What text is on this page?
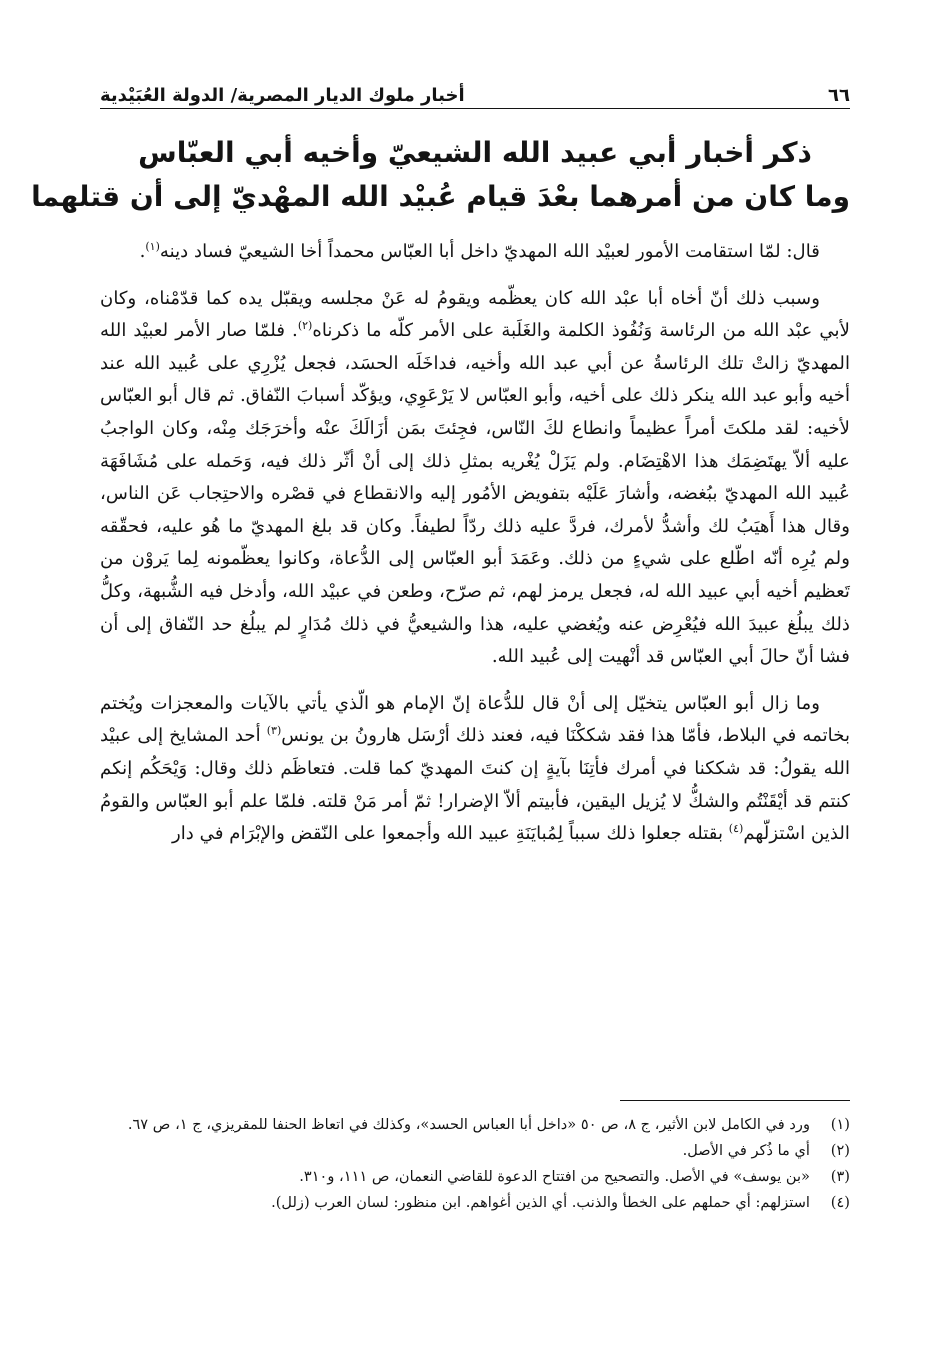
٦٦
أخبار ملوك الديار المصرية/ الدولة العُبَيْدية
ذكر أخبار أبي عبيد الله الشيعيّ وأخيه أبي العبّاس
وما كان من أمرهما بعْدَ قيام عُبيْد الله المهْديّ إلى أن قتلهما

قال: لمّا استقامت الأمور لعبيْد الله المهديّ داخل أبا العبّاس محمداً أخا الشيعيّ فساد دينه$^{(١)}$.

وسبب ذلك أنّ أخاه أبا عبْد الله كان يعظّمه ويقومُ له عَنْ مجلسه ويقبّل يده كما قدّمْناه، وكان لأبي عبْد الله من الرئاسة وَنُفُوذ الكلمة والغَلَبة على الأمر كلّه ما ذكرناه$^{(٢)}$. فلمّا صار الأمر لعبيْد الله المهديّ زالتْ تلك الرئاسةُ عن أبي عبد الله وأخيه، فداخَلَه الحسَد، فجعل يُزْرِي على عُبيد الله عند أخيه وأبو عبد الله ينكر ذلك على أخيه، وأبو العبّاس لا يَرْعَوِي، ويؤكّد أسبابَ النّفاق. ثم قال أبو العبّاس لأخيه: لقد ملكتَ أمراً عظيماً وانطاع لكَ النّاس، فجِئتَ بمَن أزَالَكَ عنْه وأخرَجَك مِنْه، وكان الواجبُ عليه ألاّ يهتَضِمَك هذا الاهْتِضَام. ولم يَزَلْ يُغْريه بمثلِ ذلك إلى أنْ أثّر ذلك فيه، وَحَمله على مُشَافَهَة عُبيد الله المهديّ ببُغضه، وأشارَ عَلَيْه بتفويض الأمُور إليه والانقطاع في قصْره والاحتِجاب عَن الناس، وقال هذا أَهيَبُ لك وأشدُّ لأمرك، فردَّ عليه ذلك ردّاً لطيفاً. وكان قد بلغ المهديّ ما هُو عليه، فحقّقه ولم يُرِه أنّه اطّلع على شيءٍ من ذلك. وعَمَدَ أبو العبّاس إلى الدُّعاة، وكانوا يعظّمونه لِما يَروْن من تَعظيم أخيه أبي عبيد الله له، فجعل يرمز لهم، ثم صرّح، وطعن في عبيْد الله، وأدخل فيه الشُّبهة، وكلُّ ذلك يبلُغ عبيدَ الله فيُعْرِض عنه ويُغضي عليه، هذا والشيعيُّ في ذلك مُدَارٍ لم يبلُغ حد النّفاق إلى أن فشا أنّ حالَ أبي العبّاس قد أنْهيت إلى عُبيد الله.

وما زال أبو العبّاس يتخيّل إلى أنْ قال للدُّعاة إنّ الإمام هو الّذي يأتي بالآيات والمعجزات ويُختم بخاتمه في البلاط، فأمّا هذا فقد شككْنَا فيه، فعند ذلك أرْسَل هارونُ بن يونس$^{(٣)}$ أحد المشايخ إلى عبيْد الله يقولُ: قد شككنا في أمرك فأتِنَا بآيةٍ إن كنتَ المهديّ كما قلت. فتعاظَم ذلك وقال: وَيْحَكُم إنكم كنتم قد أيْقَنْتُم والشكُّ لا يُزيل اليقين، فأبيتم ألاّ الإضرار! ثمّ أمر مَنْ قلته. فلمّا علم أبو العبّاس والقومُ الذين اسْتزلّهم$^{(٤)}$ بقتله جعلوا ذلك سبباً لِمُبايَنَةِ عبيد الله وأجمعوا على النّقض والإبْرَام في دار

(١)
ورد في الكامل لابن الأثير، ج ٨، ص ٥٠ «داخل أبا العباس الحسد»، وكذلك في اتعاظ الحنفا للمقريزي، ج ١، ص ٦٧.
(٢)
أي ما ذُكر في الأصل.
(٣)
«بن يوسف» في الأصل. والتصحيح من افتتاح الدعوة للقاضي النعمان، ص ١١١، و٣١٠.
(٤)
استزلهم: أي حملهم على الخطأ والذنب. أي الذين أغواهم. ابن منظور: لسان العرب (زلل).
